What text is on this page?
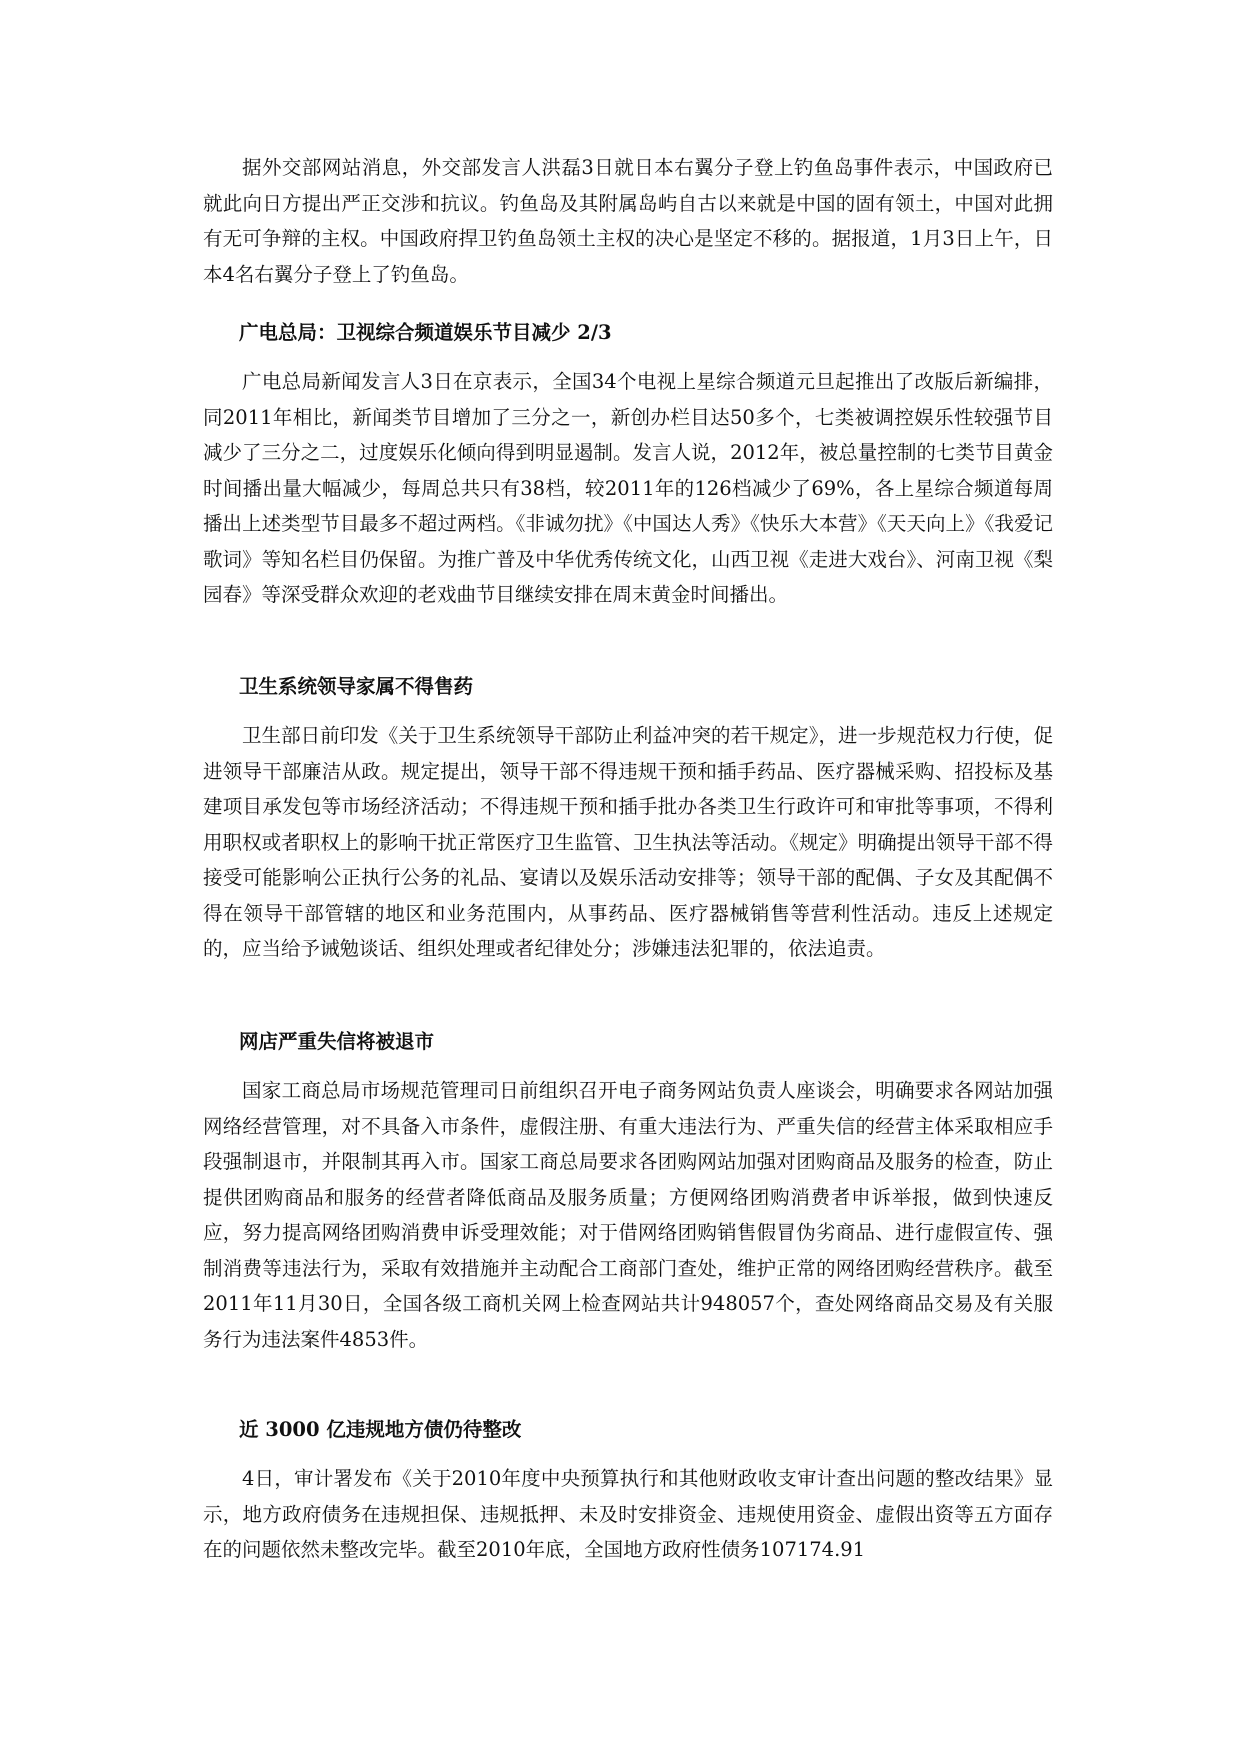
据外交部网站消息，外交部发言人洪磊3日就日本右翼分子登上钓鱼岛事件表示，中国政府已就此向日方提出严正交涉和抗议。钓鱼岛及其附属岛屿自古以来就是中国的固有领土，中国对此拥有无可争辩的主权。中国政府捍卫钓鱼岛领土主权的决心是坚定不移的。据报道，1月3日上午，日本4名右翼分子登上了钓鱼岛。

广电总局：卫视综合频道娱乐节目减少 2/3

广电总局新闻发言人3日在京表示，全国34个电视上星综合频道元旦起推出了改版后新编排，同2011年相比，新闻类节目增加了三分之一，新创办栏目达50多个，七类被调控娱乐性较强节目减少了三分之二，过度娱乐化倾向得到明显遏制。发言人说，2012年，被总量控制的七类节目黄金时间播出量大幅减少，每周总共只有38档，较2011年的126档减少了69%，各上星综合频道每周播出上述类型节目最多不超过两档。《非诚勿扰》《中国达人秀》《快乐大本营》《天天向上》《我爱记歌词》等知名栏目仍保留。为推广普及中华优秀传统文化，山西卫视《走进大戏台》、河南卫视《梨园春》等深受群众欢迎的老戏曲节目继续安排在周末黄金时间播出。

卫生系统领导家属不得售药

卫生部日前印发《关于卫生系统领导干部防止利益冲突的若干规定》，进一步规范权力行使，促进领导干部廉洁从政。规定提出，领导干部不得违规干预和插手药品、医疗器械采购、招投标及基建项目承发包等市场经济活动；不得违规干预和插手批办各类卫生行政许可和审批等事项，不得利用职权或者职权上的影响干扰正常医疗卫生监管、卫生执法等活动。《规定》明确提出领导干部不得接受可能影响公正执行公务的礼品、宴请以及娱乐活动安排等；领导干部的配偶、子女及其配偶不得在领导干部管辖的地区和业务范围内，从事药品、医疗器械销售等营利性活动。违反上述规定的，应当给予诫勉谈话、组织处理或者纪律处分；涉嫌违法犯罪的，依法追责。

网店严重失信将被退市

国家工商总局市场规范管理司日前组织召开电子商务网站负责人座谈会，明确要求各网站加强网络经营管理，对不具备入市条件，虚假注册、有重大违法行为、严重失信的经营主体采取相应手段强制退市，并限制其再入市。国家工商总局要求各团购网站加强对团购商品及服务的检查，防止提供团购商品和服务的经营者降低商品及服务质量；方便网络团购消费者申诉举报，做到快速反应，努力提高网络团购消费申诉受理效能；对于借网络团购销售假冒伪劣商品、进行虚假宣传、强制消费等违法行为，采取有效措施并主动配合工商部门查处，维护正常的网络团购经营秩序。截至2011年11月30日，全国各级工商机关网上检查网站共计948057个，查处网络商品交易及有关服务行为违法案件4853件。

近 3000 亿违规地方债仍待整改

4日，审计署发布《关于2010年度中央预算执行和其他财政收支审计查出问题的整改结果》显示，地方政府债务在违规担保、违规抵押、未及时安排资金、违规使用资金、虚假出资等五方面存在的问题依然未整改完毕。截至2010年底，全国地方政府性债务107174.91
